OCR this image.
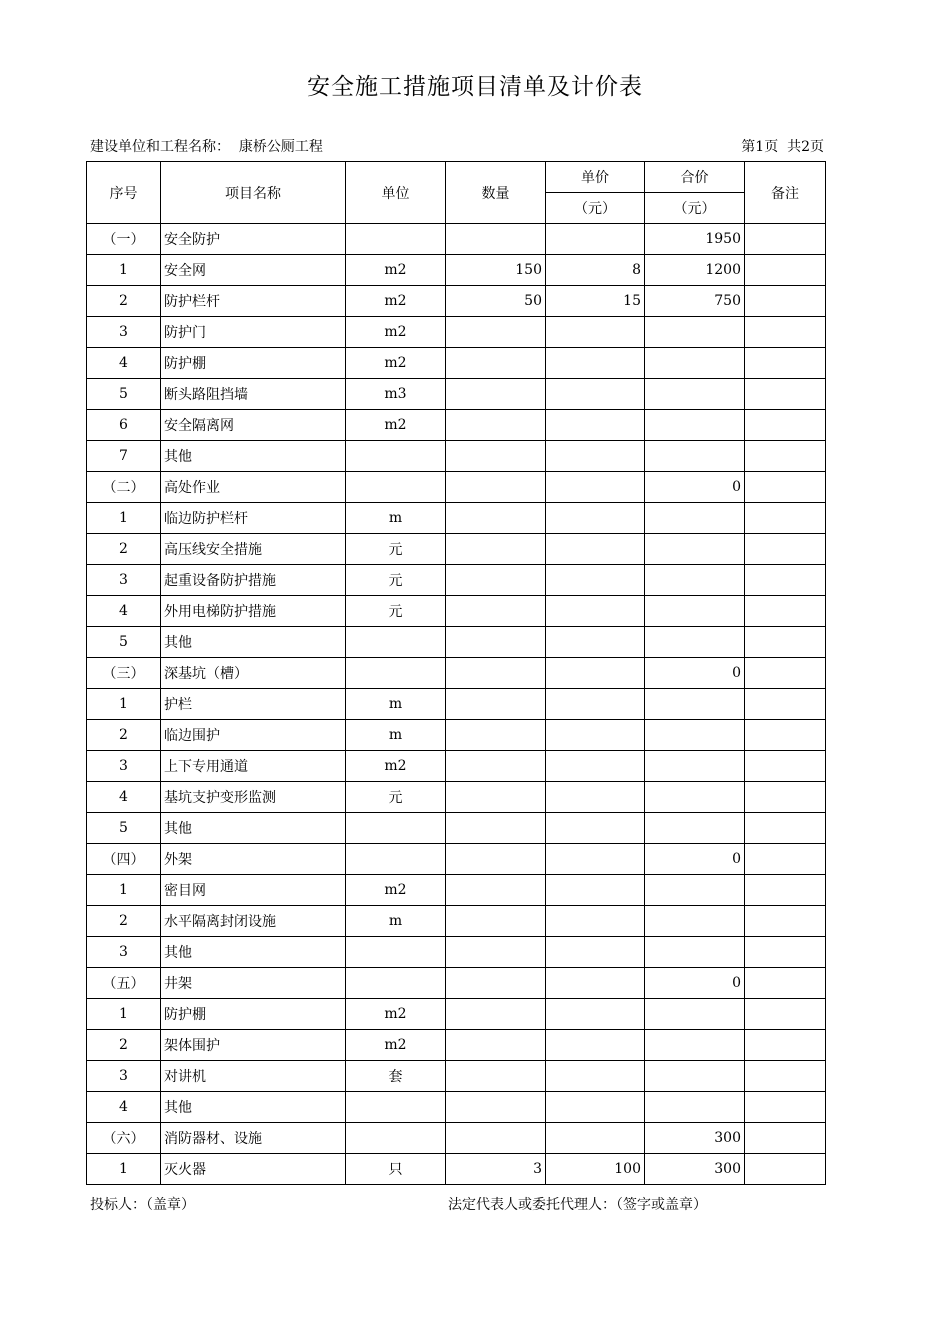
安全施工措施项目清单及计价表
建设单位和工程名称： 康桥公厕工程	第1页  共2页
序号	项目名称	单位	数量	单价	合价	备注
				（元）	（元）	
（一）	安全防护				1950	
1	安全网	m2	150	8	1200	
2	防护栏杆	m2	50	15	750	
3	防护门	m2				
4	防护棚	m2				
5	断头路阻挡墙	m3				
6	安全隔离网	m2				
7	其他					
（二）	高处作业				0	
1	临边防护栏杆	m				
2	高压线安全措施	元				
3	起重设备防护措施	元				
4	外用电梯防护措施	元				
5	其他					
（三）	深基坑（槽）				0	
1	护栏	m				
2	临边围护	m				
3	上下专用通道	m2				
4	基坑支护变形监测	元				
5	其他					
（四）	外架				0	
1	密目网	m2				
2	水平隔离封闭设施	m				
3	其他					
（五）	井架				0	
1	防护棚	m2				
2	架体围护	m2				
3	对讲机	套				
4	其他					
（六）	消防器材、设施				300	
1	灭火器	只	3	100	300	
投标人：（盖章）	法定代表人或委托代理人：（签字或盖章）
